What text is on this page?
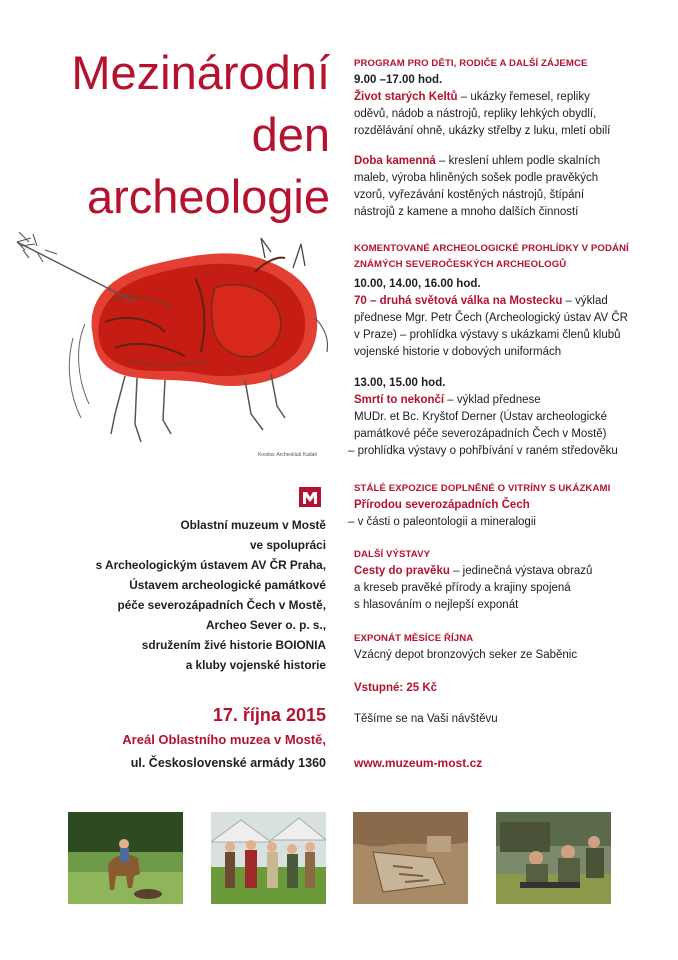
Mezinárodní
den
archeologie
Kresba: Archeoklub Kadaň
PROGRAM PRO DĚTI, RODIČE A DALŠÍ ZÁJEMCE
9.00 –17.00 hod.
Život starých Keltů – ukázky řemesel, repliky
oděvů, nádob a nástrojů, repliky lehkých obydlí,
rozdělávání ohně, ukázky střelby z luku, mletí obilí
Doba kamenná – kreslení uhlem podle skalních
maleb, výroba hliněných sošek podle pravěkých
vzorů, vyřezávání kostěných nástrojů, štípání
nástrojů z kamene a mnoho dalších činností
KOMENTOVANÉ ARCHEOLOGICKÉ PROHLÍDKY V PODÁNÍ
ZNÁMÝCH SEVEROČESKÝCH ARCHEOLOGŮ
10.00, 14.00, 16.00 hod.
70 – druhá světová válka na Mostecku – výklad
přednese Mgr. Petr Čech (Archeologický ústav AV ČR
v Praze) – prohlídka výstavy s ukázkami členů klubů
vojenské historie v dobových uniformách
13.00, 15.00 hod.
Smrtí to nekončí – výklad přednese
MUDr. et Bc. Kryštof Derner (Ústav archeologické
památkové péče severozápadních Čech v Mostě)
– prohlídka výstavy o pohřbívání v raném středověku
STÁLÉ EXPOZICE DOPLNĚNÉ O VITRÍNY S UKÁZKAMI
Přírodou severozápadních Čech
– v části o paleontologii a mineralogii
DALŠÍ VÝSTAVY
Cesty do pravěku – jedinečná výstava obrazů
a kreseb pravěké přírody a krajiny spojená
s hlasováním o nejlepší exponát
EXPONÁT MĚSÍCE ŘÍJNA
Vzácný depot bronzových seker ze Saběnic
Vstupné: 25 Kč
Těšíme se na Vaši návštěvu
www.muzeum-most.cz
Oblastní muzeum v Mostě
ve spolupráci
s Archeologickým ústavem AV ČR Praha,
Ústavem archeologické památkové
péče severozápadních Čech v Mostě,
Archeo Sever o. p. s.,
sdružením živé historie BOIONIA
a kluby vojenské historie
17. října 2015
Areál Oblastního muzea v Mostě,
ul. Československé armády 1360
